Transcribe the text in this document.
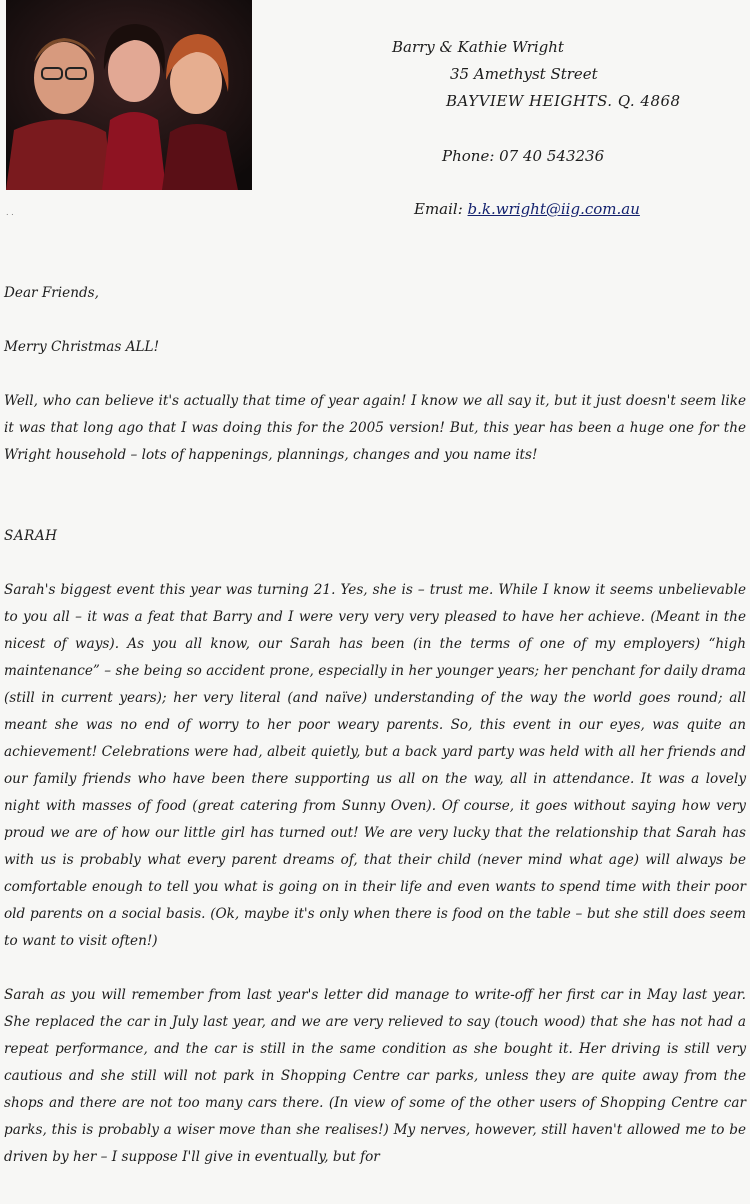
. .
Barry & Kathie Wright
35 Amethyst Street
BAYVIEW HEIGHTS. Q. 4868
Phone: 07 40 543236
Email: b.k.wright@iig.com.au

Dear Friends,

Merry Christmas ALL!

Well, who can believe it's actually that time of year again! I know we all say it, but it just doesn't seem like it was that long ago that I was doing this for the 2005 version! But, this year has been a huge one for the Wright household – lots of happenings, plannings, changes and you name its!

SARAH

Sarah's biggest event this year was turning 21. Yes, she is – trust me. While I know it seems unbelievable to you all – it was a feat that Barry and I were very very very pleased to have her achieve. (Meant in the nicest of ways). As you all know, our Sarah has been (in the terms of one of my employers) “high maintenance” – she being so accident prone, especially in her younger years; her penchant for daily drama (still in current years); her very literal (and naïve) understanding of the way the world goes round; all meant she was no end of worry to her poor weary parents. So, this event in our eyes, was quite an achievement! Celebrations were had, albeit quietly, but a back yard party was held with all her friends and our family friends who have been there supporting us all on the way, all in attendance. It was a lovely night with masses of food (great catering from Sunny Oven). Of course, it goes without saying how very proud we are of how our little girl has turned out! We are very lucky that the relationship that Sarah has with us is probably what every parent dreams of, that their child (never mind what age) will always be comfortable enough to tell you what is going on in their life and even wants to spend time with their poor old parents on a social basis. (Ok, maybe it's only when there is food on the table – but she still does seem to want to visit often!)

Sarah as you will remember from last year's letter did manage to write-off her first car in May last year. She replaced the car in July last year, and we are very relieved to say (touch wood) that she has not had a repeat performance, and the car is still in the same condition as she bought it. Her driving is still very cautious and she still will not park in Shopping Centre car parks, unless they are quite away from the shops and there are not too many cars there. (In view of some of the other users of Shopping Centre car parks, this is probably a wiser move than she realises!) My nerves, however, still haven't allowed me to be driven by her – I suppose I'll give in eventually, but for
